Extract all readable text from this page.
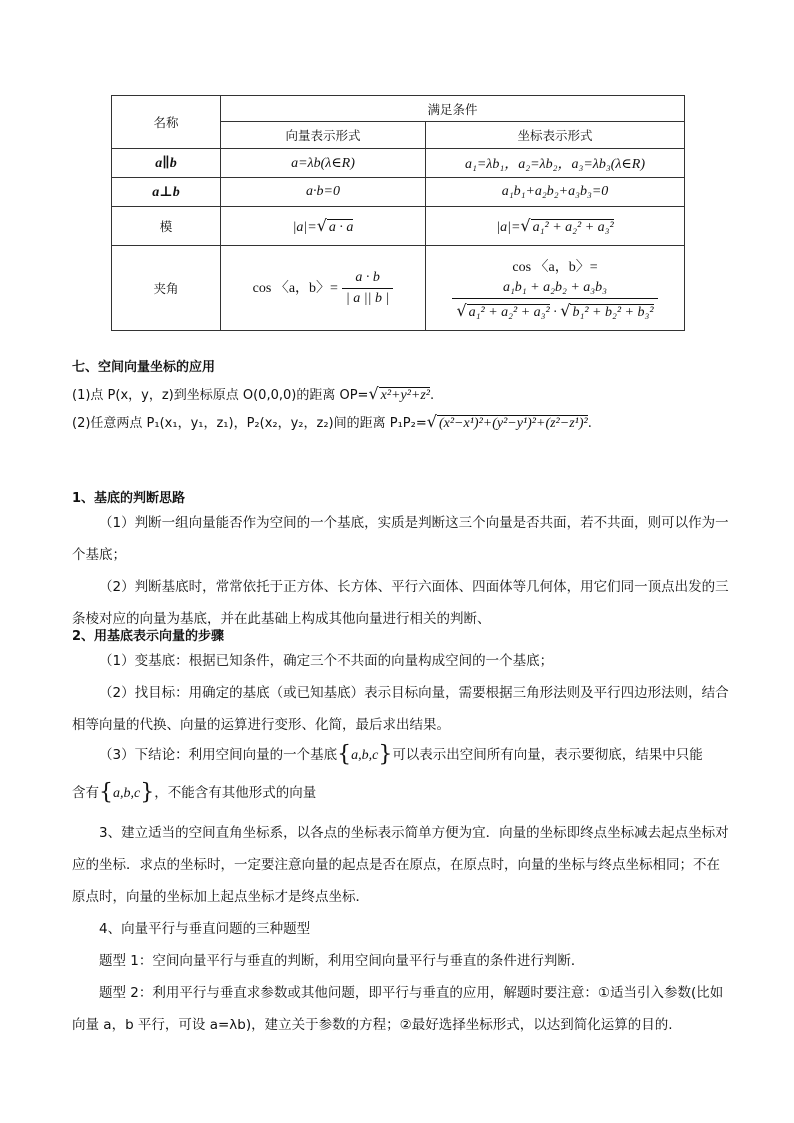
名称	满足条件	
	向量表示形式	坐标表示形式
a∥b	a=λb(λ∈R)	a₁=λb₁，a₂=λb₂，a₃=λb₃(λ∈R)
a⊥b	a·b=0	a₁b₁+a₂b₂+a₃b₃=0
模	|a|=√ a · a	|a|=√ a₁² + a₂² + a₃²
夹角	cos 〈a，b〉= $\frac{a \cdot b}{| a || b |}$	cos 〈a，b〉=
$\frac{\text{a₁b₁ + a₂b₂ + a₃b₃}}{\text{√ a₁² + a₂² + a₃² · √ b₁² + b₂² + b₃²}}$
七、空间向量坐标的应用
(1)点 P(x，y，z)到坐标原点 O(0,0,0)的距离 OP=√ x²+y²+z².
(2)任意两点 P₁(x₁，y₁，z₁)，P₂(x₂，y₂，z₂)间的距离 P₁P₂=√ (x²−x¹)²+(y²−y¹)²+(z²−z¹)².
1、基底的判断思路
（1）判断一组向量能否作为空间的一个基底，实质是判断这三个向量是否共面，若不共面，则可以作为一个基底；
（2）判断基底时，常常依托于正方体、长方体、平行六面体、四面体等几何体，用它们同一顶点出发的三条棱对应的向量为基底，并在此基础上构成其他向量进行相关的判断、
2、用基底表示向量的步骤
（1）变基底：根据已知条件，确定三个不共面的向量构成空间的一个基底；
（2）找目标：用确定的基底（或已知基底）表示目标向量，需要根据三角形法则及平行四边形法则，结合相等向量的代换、向量的运算进行变形、化简，最后求出结果。
（3）下结论：利用空间向量的一个基底{a,b,c}可以表示出空间所有向量，表示要彻底，结果中只能
含有{a,b,c}，不能含有其他形式的向量
3、建立适当的空间直角坐标系，以各点的坐标表示简单方便为宜．向量的坐标即终点坐标减去起点坐标对应的坐标．求点的坐标时，一定要注意向量的起点是否在原点，在原点时，向量的坐标与终点坐标相同；不在原点时，向量的坐标加上起点坐标才是终点坐标．
4、向量平行与垂直问题的三种题型
题型 1：空间向量平行与垂直的判断，利用空间向量平行与垂直的条件进行判断．
题型 2：利用平行与垂直求参数或其他问题，即平行与垂直的应用，解题时要注意：①适当引入参数(比如向量 a，b 平行，可设 a=λb)，建立关于参数的方程；②最好选择坐标形式，以达到简化运算的目的.
